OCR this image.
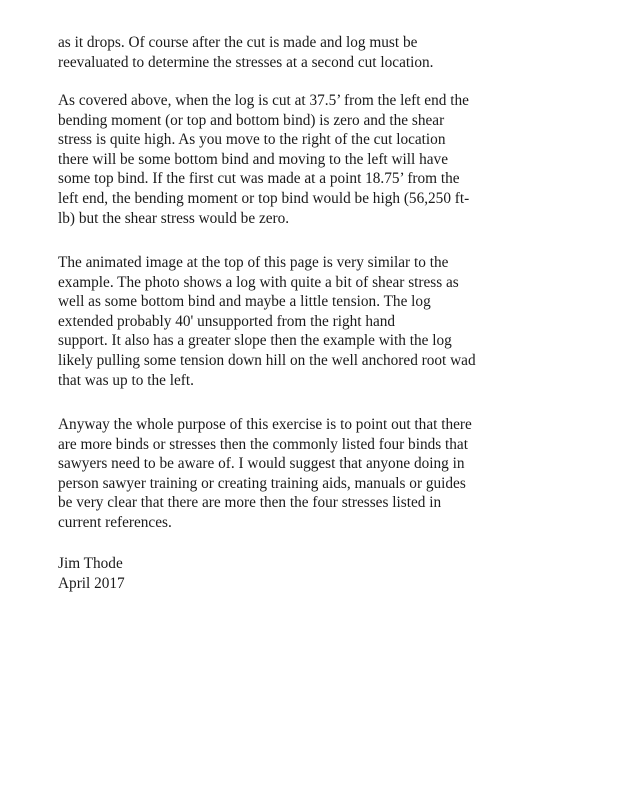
as it drops. Of course after the cut is made and log must be
reevaluated to determine the stresses at a second cut location.
As covered above, when the log is cut at 37.5’ from the left end the
bending moment (or top and bottom bind) is zero and the shear
stress is quite high. As you move to the right of the cut location
there will be some bottom bind and moving to the left will have
some top bind. If the first cut was made at a point 18.75’ from the
left end, the bending moment or top bind would be high (56,250 ft-
lb) but the shear stress would be zero.
The animated image at the top of this page is very similar to the
example. The photo shows a log with quite a bit of shear stress as
well as some bottom bind and maybe a little tension. The log
extended probably 40' unsupported from the right hand
support. It also has a greater slope then the example with the log
likely pulling some tension down hill on the well anchored root wad
that was up to the left.
Anyway the whole purpose of this exercise is to point out that there
are more binds or stresses then the commonly listed four binds that
sawyers need to be aware of. I would suggest that anyone doing in
person sawyer training or creating training aids, manuals or guides
be very clear that there are more then the four stresses listed in
current references.
Jim Thode
April 2017
